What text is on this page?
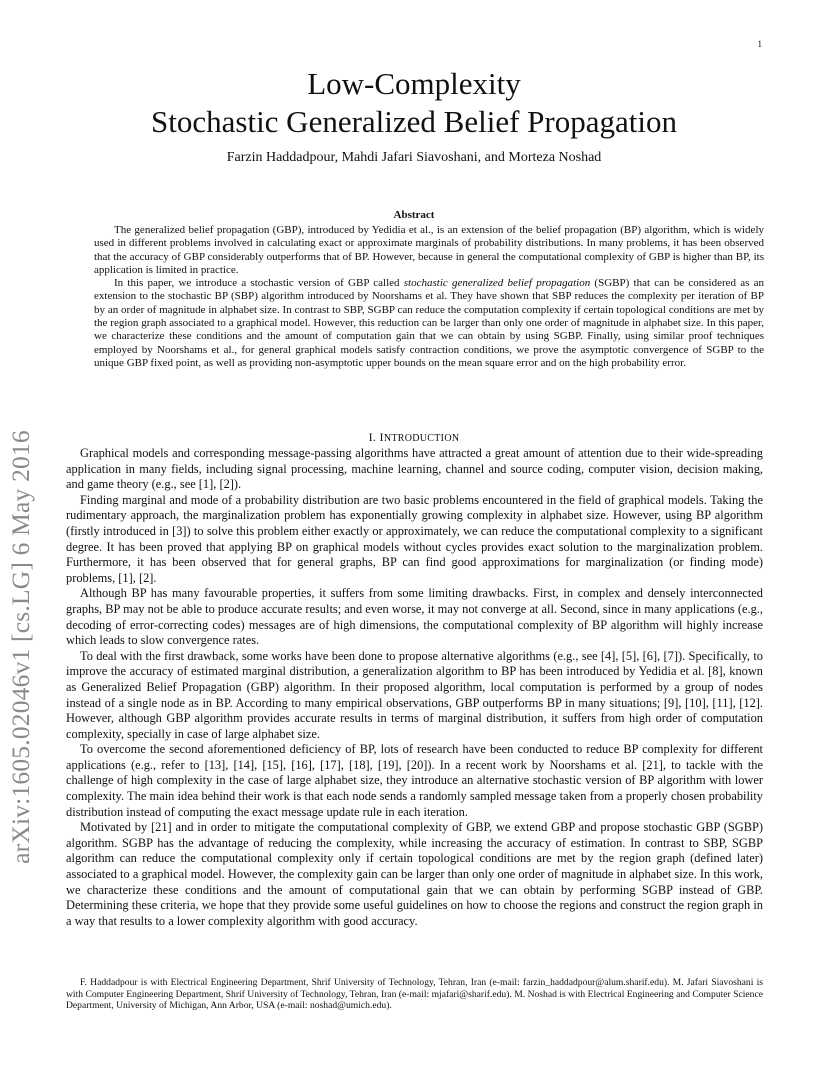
1
arXiv:1605.02046v1 [cs.LG] 6 May 2016
Low-Complexity
Stochastic Generalized Belief Propagation
Farzin Haddadpour, Mahdi Jafari Siavoshani, and Morteza Noshad
Abstract

The generalized belief propagation (GBP), introduced by Yedidia et al., is an extension of the belief propagation (BP) algorithm, which is widely used in different problems involved in calculating exact or approximate marginals of probability distributions. In many problems, it has been observed that the accuracy of GBP considerably outperforms that of BP. However, because in general the computational complexity of GBP is higher than BP, its application is limited in practice.

In this paper, we introduce a stochastic version of GBP called stochastic generalized belief propagation (SGBP) that can be considered as an extension to the stochastic BP (SBP) algorithm introduced by Noorshams et al. They have shown that SBP reduces the complexity per iteration of BP by an order of magnitude in alphabet size. In contrast to SBP, SGBP can reduce the computation complexity if certain topological conditions are met by the region graph associated to a graphical model. However, this reduction can be larger than only one order of magnitude in alphabet size. In this paper, we characterize these conditions and the amount of computation gain that we can obtain by using SGBP. Finally, using similar proof techniques employed by Noorshams et al., for general graphical models satisfy contraction conditions, we prove the asymptotic convergence of SGBP to the unique GBP fixed point, as well as providing non-asymptotic upper bounds on the mean square error and on the high probability error.

I. INTRODUCTION

Graphical models and corresponding message-passing algorithms have attracted a great amount of attention due to their wide-spreading application in many fields, including signal processing, machine learning, channel and source coding, computer vision, decision making, and game theory (e.g., see [1], [2]).

Finding marginal and mode of a probability distribution are two basic problems encountered in the field of graphical models. Taking the rudimentary approach, the marginalization problem has exponentially growing complexity in alphabet size. However, using BP algorithm (firstly introduced in [3]) to solve this problem either exactly or approximately, we can reduce the computational complexity to a significant degree. It has been proved that applying BP on graphical models without cycles provides exact solution to the marginalization problem. Furthermore, it has been observed that for general graphs, BP can find good approximations for marginalization (or finding mode) problems, [1], [2].

Although BP has many favourable properties, it suffers from some limiting drawbacks. First, in complex and densely interconnected graphs, BP may not be able to produce accurate results; and even worse, it may not converge at all. Second, since in many applications (e.g., decoding of error-correcting codes) messages are of high dimensions, the computational complexity of BP algorithm will highly increase which leads to slow convergence rates.

To deal with the first drawback, some works have been done to propose alternative algorithms (e.g., see [4], [5], [6], [7]). Specifically, to improve the accuracy of estimated marginal distribution, a generalization algorithm to BP has been introduced by Yedidia et al. [8], known as Generalized Belief Propagation (GBP) algorithm. In their proposed algorithm, local computation is performed by a group of nodes instead of a single node as in BP. According to many empirical observations, GBP outperforms BP in many situations; [9], [10], [11], [12]. However, although GBP algorithm provides accurate results in terms of marginal distribution, it suffers from high order of computation complexity, specially in case of large alphabet size.

To overcome the second aforementioned deficiency of BP, lots of research have been conducted to reduce BP complexity for different applications (e.g., refer to [13], [14], [15], [16], [17], [18], [19], [20]). In a recent work by Noorshams et al. [21], to tackle with the challenge of high complexity in the case of large alphabet size, they introduce an alternative stochastic version of BP algorithm with lower complexity. The main idea behind their work is that each node sends a randomly sampled message taken from a properly chosen probability distribution instead of computing the exact message update rule in each iteration.

Motivated by [21] and in order to mitigate the computational complexity of GBP, we extend GBP and propose stochastic GBP (SGBP) algorithm. SGBP has the advantage of reducing the complexity, while increasing the accuracy of estimation. In contrast to SBP, SGBP algorithm can reduce the computational complexity only if certain topological conditions are met by the region graph (defined later) associated to a graphical model. However, the complexity gain can be larger than only one order of magnitude in alphabet size. In this work, we characterize these conditions and the amount of computational gain that we can obtain by performing SGBP instead of GBP. Determining these criteria, we hope that they provide some useful guidelines on how to choose the regions and construct the region graph in a way that results to a lower complexity algorithm with good accuracy.

F. Haddadpour is with Electrical Engineering Department, Shrif University of Technology, Tehran, Iran (e-mail: farzin_haddadpour@alum.sharif.edu). M. Jafari Siavoshani is with Computer Engineering Department, Shrif University of Technology, Tehran, Iran (e-mail: mjafari@sharif.edu). M. Noshad is with Electrical Engineering and Computer Science Department, University of Michigan, Ann Arbor, USA (e-mail: noshad@umich.edu).
